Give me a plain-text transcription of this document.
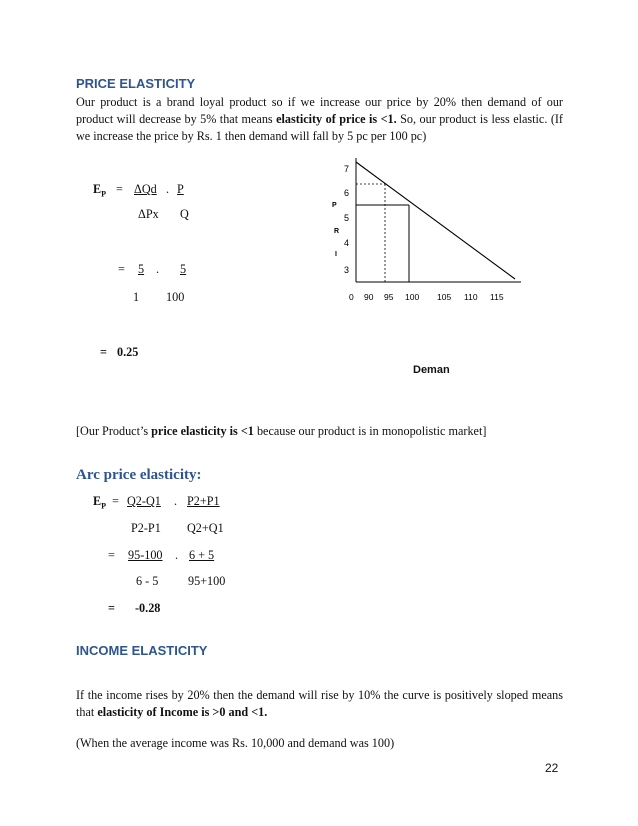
PRICE ELASTICITY
Our product is a brand loyal product so if we increase our price by 20% then demand of our product will decrease by 5% that means elasticity of price is <1. So, our product is less elastic. (If we increase the price by Rs. 1 then demand will fall by 5 pc per 100 pc)
$E_P = \Delta Qd$ . P
ΔPx Q
= 5 .	5
1 100
= 0.25
7
6
5
4
3
P
R
I
0 90 95 100 105 110 115
Deman
[Our Product’s price elasticity is <1 because our product is in monopolistic market]
Arc price elasticity:
$E_P = Q2-Q1$ . P2+P1
P2-P1 Q2+Q1
= 95-100 . 6 + 5
6 - 5 95+100
= -0.28
INCOME ELASTICITY
If the income rises by 20% then the demand will rise by 10% the curve is positively sloped means that elasticity of Income is >0 and <1.
(When the average income was Rs. 10,000 and demand was 100)
22
